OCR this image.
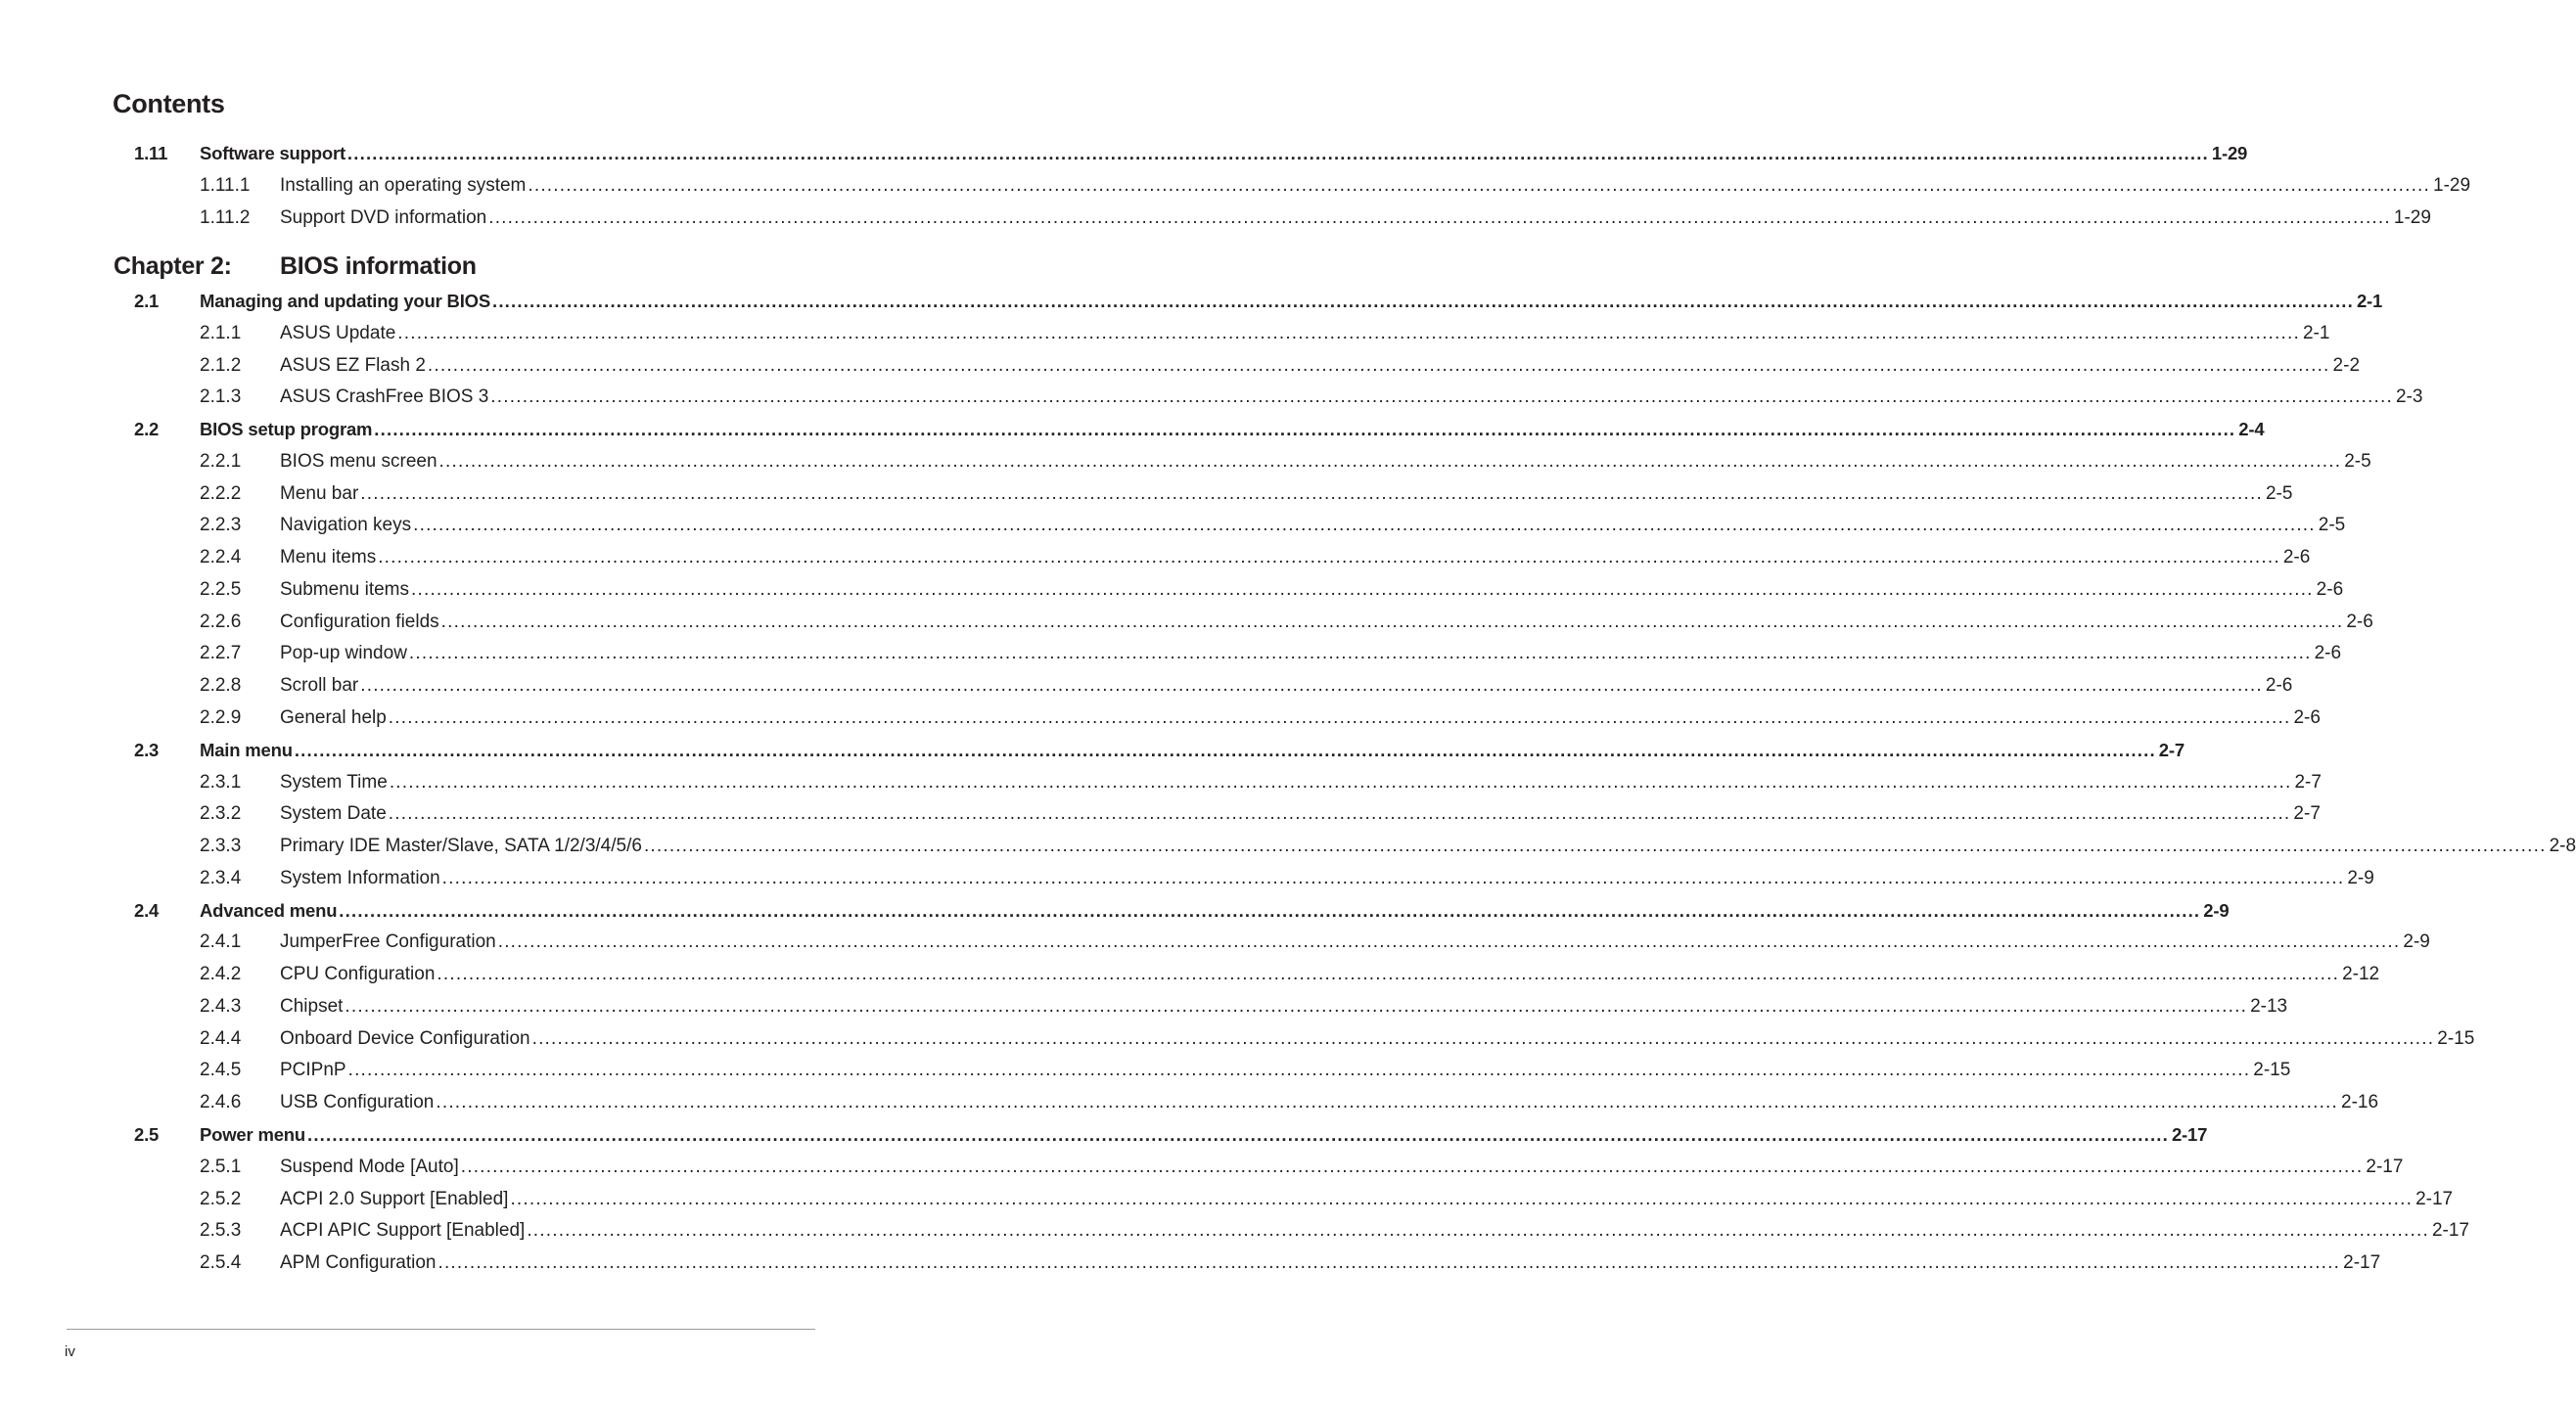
Contents
1.11 Software support ............................................................................................................................................................................................................................................................................................................ 1-29
1.11.1 Installing an operating system ............................................................................................................................................................................................................................................................................................................ 1-29
1.11.2 Support DVD information ............................................................................................................................................................................................................................................................................................................ 1-29
2.1 Managing and updating your BIOS ............................................................................................................................................................................................................................................................................................................ 2-1
2.1.1 ASUS Update ............................................................................................................................................................................................................................................................................................................ 2-1
2.1.2 ASUS EZ Flash 2 ............................................................................................................................................................................................................................................................................................................ 2-2
2.1.3 ASUS CrashFree BIOS 3 ............................................................................................................................................................................................................................................................................................................ 2-3
2.2 BIOS setup program ............................................................................................................................................................................................................................................................................................................ 2-4
2.2.1 BIOS menu screen ............................................................................................................................................................................................................................................................................................................ 2-5
2.2.2 Menu bar ............................................................................................................................................................................................................................................................................................................ 2-5
2.2.3 Navigation keys ............................................................................................................................................................................................................................................................................................................ 2-5
2.2.4 Menu items ............................................................................................................................................................................................................................................................................................................ 2-6
2.2.5 Submenu items ............................................................................................................................................................................................................................................................................................................ 2-6
2.2.6 Configuration fields ............................................................................................................................................................................................................................................................................................................ 2-6
2.2.7 Pop-up window ............................................................................................................................................................................................................................................................................................................ 2-6
2.2.8 Scroll bar ............................................................................................................................................................................................................................................................................................................ 2-6
2.2.9 General help ............................................................................................................................................................................................................................................................................................................ 2-6
2.3 Main menu ............................................................................................................................................................................................................................................................................................................ 2-7
2.3.1 System Time ............................................................................................................................................................................................................................................................................................................ 2-7
2.3.2 System Date ............................................................................................................................................................................................................................................................................................................ 2-7
2.3.3 Primary IDE Master/Slave, SATA 1/2/3/4/5/6 ............................................................................................................................................................................................................................................................................................................ 2-8
2.3.4 System Information ............................................................................................................................................................................................................................................................................................................ 2-9
2.4 Advanced menu ............................................................................................................................................................................................................................................................................................................ 2-9
2.4.1 JumperFree Configuration ............................................................................................................................................................................................................................................................................................................ 2-9
2.4.2 CPU Configuration ............................................................................................................................................................................................................................................................................................................ 2-12
2.4.3 Chipset ............................................................................................................................................................................................................................................................................................................ 2-13
2.4.4 Onboard Device Configuration ............................................................................................................................................................................................................................................................................................................ 2-15
2.4.5 PCIPnP ............................................................................................................................................................................................................................................................................................................ 2-15
2.4.6 USB Configuration ............................................................................................................................................................................................................................................................................................................ 2-16
2.5 Power menu ............................................................................................................................................................................................................................................................................................................ 2-17
2.5.1 Suspend Mode [Auto] ............................................................................................................................................................................................................................................................................................................ 2-17
2.5.2 ACPI 2.0 Support [Enabled] ............................................................................................................................................................................................................................................................................................................ 2-17
2.5.3 ACPI APIC Support [Enabled] ............................................................................................................................................................................................................................................................................................................ 2-17
2.5.4 APM Configuration ............................................................................................................................................................................................................................................................................................................ 2-17
Chapter 2: BIOS information
iv
